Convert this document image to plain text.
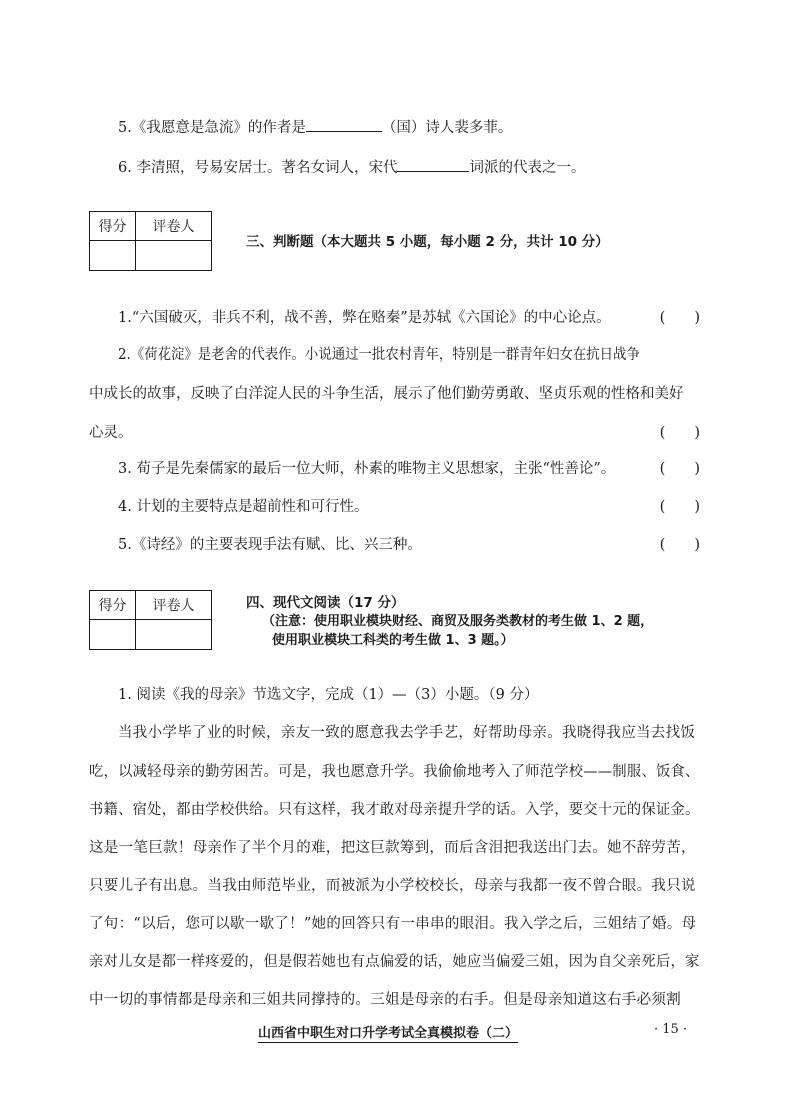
5.《我愿意是急流》的作者是	（国）诗人裴多菲。
6. 李清照，号易安居士。著名女词人，宋代	词派的代表之一。
得分	评卷人

三、判断题（本大题共 5 小题，每小题 2 分，共计 10 分）
1.“六国破灭，非兵不利，战不善，弊在赂秦”是苏轼《六国论》的中心论点。	(　　)
2.《荷花淀》是老舍的代表作。小说通过一批农村青年，特别是一群青年妇女在抗日战争
中成长的故事，反映了白洋淀人民的斗争生活，展示了他们勤劳勇敢、坚贞乐观的性格和美好
心灵。	(　　)
3. 荀子是先秦儒家的最后一位大师，朴素的唯物主义思想家，主张“性善论”。	(　　)
4. 计划的主要特点是超前性和可行性。	(　　)
5.《诗经》的主要表现手法有赋、比、兴三种。	(　　)
得分	评卷人
		四、现代文阅读（17 分）
（注意：使用职业模块财经、商贸及服务类教材的考生做 1、2 题，
使用职业模块工科类的考生做 1、3 题。）
1. 阅读《我的母亲》节选文字，完成（1）—（3）小题。（9 分）
当我小学毕了业的时候，亲友一致的愿意我去学手艺，好帮助母亲。我晓得我应当去找饭
吃，以减轻母亲的勤劳困苦。可是，我也愿意升学。我偷偷地考入了师范学校——制服、饭食、
书籍、宿处，都由学校供给。只有这样，我才敢对母亲提升学的话。入学，要交十元的保证金。
这是一笔巨款！母亲作了半个月的难，把这巨款筹到，而后含泪把我送出门去。她不辞劳苦，
只要儿子有出息。当我由师范毕业，而被派为小学校校长，母亲与我都一夜不曾合眼。我只说
了句：“以后，您可以歇一歇了！”她的回答只有一串串的眼泪。我入学之后，三姐结了婚。母
亲对儿女是都一样疼爱的，但是假若她也有点偏爱的话，她应当偏爱三姐，因为自父亲死后，家
中一切的事情都是母亲和三姐共同撑持的。三姐是母亲的右手。但是母亲知道这右手必须割
山西省中职生对口升学考试全真模拟卷（二）	· 15 ·
